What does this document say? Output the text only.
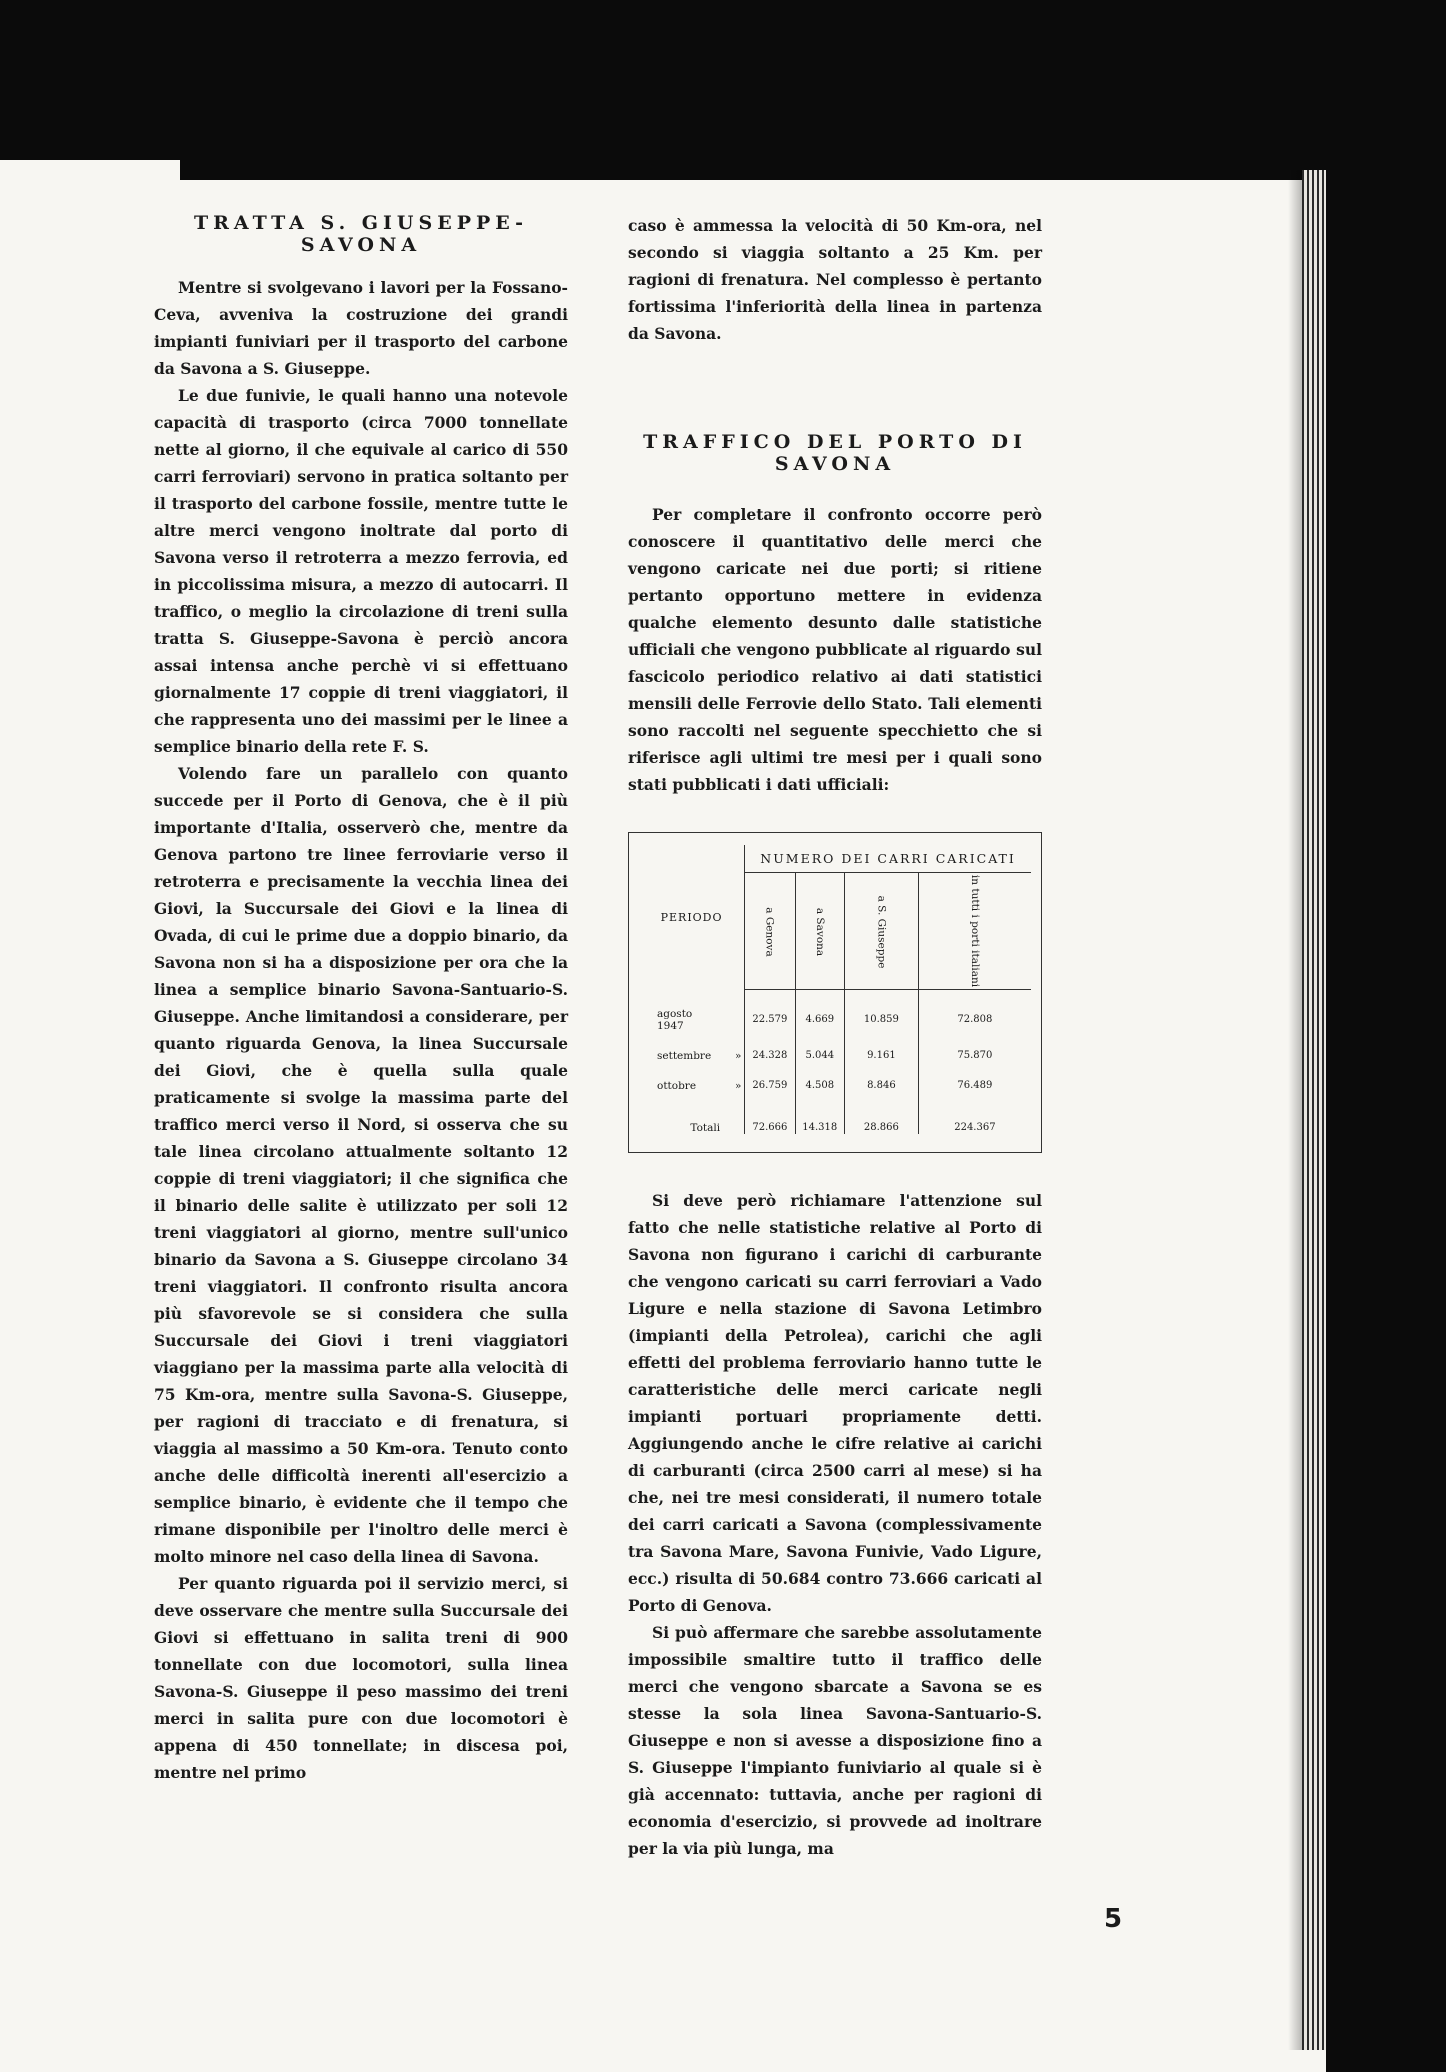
TRATTA S. GIUSEPPE-SAVONA

Mentre si svolgevano i lavori per la Fossano-Ceva, avveniva la costruzione dei grandi impianti funiviari per il trasporto del carbone da Savona a S. Giuseppe.

Le due funivie, le quali hanno una notevole capacità di trasporto (circa 7000 tonnellate nette al giorno, il che equivale al carico di 550 carri ferroviari) servono in pratica soltanto per il trasporto del carbone fossile, mentre tutte le altre merci vengono inoltrate dal porto di Savona verso il retroterra a mezzo ferrovia, ed in piccolissima misura, a mezzo di autocarri. Il traffico, o meglio la circolazione di treni sulla tratta S. Giuseppe-Savona è perciò ancora assai intensa anche perchè vi si effettuano giornalmente 17 coppie di treni viaggiatori, il che rappresenta uno dei massimi per le linee a semplice binario della rete F. S.

Volendo fare un parallelo con quanto succede per il Porto di Genova, che è il più importante d'Italia, osserverò che, mentre da Genova partono tre linee ferroviarie verso il retroterra e precisamente la vecchia linea dei Giovi, la Succursale dei Giovi e la linea di Ovada, di cui le prime due a doppio binario, da Savona non si ha a disposizione per ora che la linea a semplice binario Savona-Santuario-S. Giuseppe. Anche limitandosi a considerare, per quanto riguarda Genova, la linea Succursale dei Giovi, che è quella sulla quale praticamente si svolge la massima parte del traffico merci verso il Nord, si osserva che su tale linea circolano attualmente soltanto 12 coppie di treni viaggiatori; il che significa che il binario delle salite è utilizzato per soli 12 treni viaggiatori al giorno, mentre sull'unico binario da Savona a S. Giuseppe circolano 34 treni viaggiatori. Il confronto risulta ancora più sfavorevole se si considera che sulla Succursale dei Giovi i treni viaggiatori viaggiano per la massima parte alla velocità di 75 Km-ora, mentre sulla Savona-S. Giuseppe, per ragioni di tracciato e di frenatura, si viaggia al massimo a 50 Km-ora. Tenuto conto anche delle difficoltà inerenti all'esercizio a semplice binario, è evidente che il tempo che rimane disponibile per l'inoltro delle merci è molto minore nel caso della linea di Savona.

Per quanto riguarda poi il servizio merci, si deve osservare che mentre sulla Succursale dei Giovi si effettuano in salita treni di 900 tonnellate con due locomotori, sulla linea Savona-S. Giuseppe il peso massimo dei treni merci in salita pure con due locomotori è appena di 450 tonnellate; in discesa poi, mentre nel primo

caso è ammessa la velocità di 50 Km-ora, nel secondo si viaggia soltanto a 25 Km. per ragioni di frenatura. Nel complesso è pertanto fortissima l'inferiorità della linea in partenza da Savona.

TRAFFICO DEL PORTO DI SAVONA

Per completare il confronto occorre però conoscere il quantitativo delle merci che vengono caricate nei due porti; si ritiene pertanto opportuno mettere in evidenza qualche elemento desunto dalle statistiche ufficiali che vengono pubblicate al riguardo sul fascicolo periodico relativo ai dati statistici mensili delle Ferrovie dello Stato. Tali elementi sono raccolti nel seguente specchietto che si riferisce agli ultimi tre mesi per i quali sono stati pubblicati i dati ufficiali:

PERIODO	NUMERO DEI CARRI CARICATI			
	a Genova	a Savona	a S. Giuseppe	in tutti i porti italiani
agosto1947	22.579	4.669	10.859	72.808
settembre »	24.328	5.044	9.161	75.870
ottobre »	26.759	4.508	8.846	76.489
Totali	72.666	14.318	28.866	224.367

Si deve però richiamare l'attenzione sul fatto che nelle statistiche relative al Porto di Savona non figurano i carichi di carburante che vengono caricati su carri ferroviari a Vado Ligure e nella stazione di Savona Letimbro (impianti della Petrolea), carichi che agli effetti del problema ferroviario hanno tutte le caratteristiche delle merci caricate negli impianti portuari propriamente detti. Aggiungendo anche le cifre relative ai carichi di carburanti (circa 2500 carri al mese) si ha che, nei tre mesi considerati, il numero totale dei carri caricati a Savona (complessivamente tra Savona Mare, Savona Funivie, Vado Ligure, ecc.) risulta di 50.684 contro 73.666 caricati al Porto di Genova.

Si può affermare che sarebbe assolutamente impossibile smaltire tutto il traffico delle merci che vengono sbarcate a Savona se es stesse la sola linea Savona-Santuario-S. Giuseppe e non si avesse a disposizione fino a S. Giuseppe l'impianto funiviario al quale si è già accennato: tuttavia, anche per ragioni di economia d'esercizio, si provvede ad inoltrare per la via più lunga, ma

5
